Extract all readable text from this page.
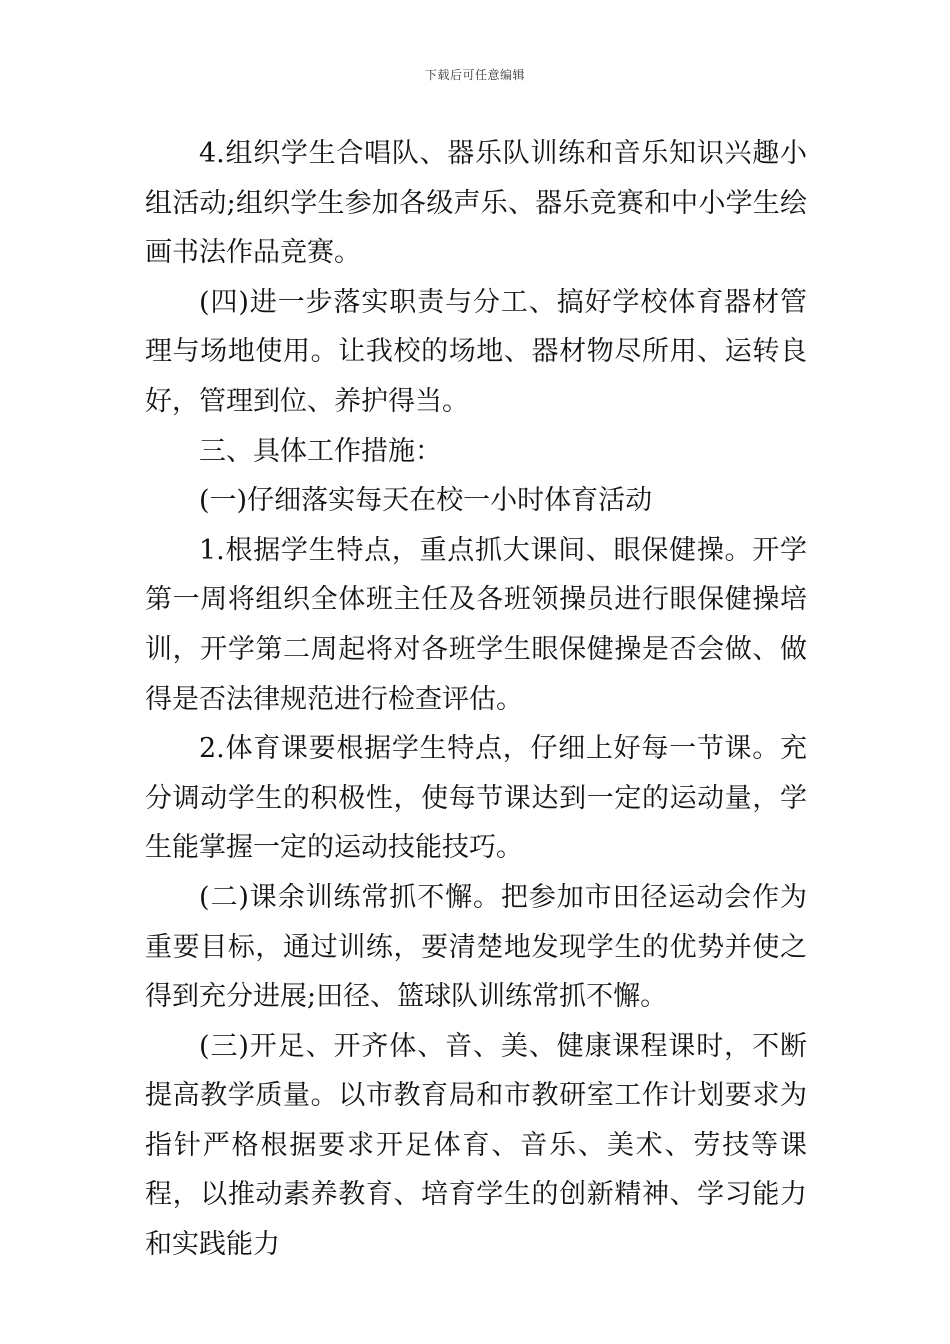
下载后可任意编辑

4.组织学生合唱队、器乐队训练和音乐知识兴趣小组活动;组织学生参加各级声乐、器乐竞赛和中小学生绘画书法作品竞赛。

(四)进一步落实职责与分工、搞好学校体育器材管理与场地使用。让我校的场地、器材物尽所用、运转良好，管理到位、养护得当。

三、具体工作措施：

(一)仔细落实每天在校一小时体育活动

1.根据学生特点，重点抓大课间、眼保健操。开学第一周将组织全体班主任及各班领操员进行眼保健操培训，开学第二周起将对各班学生眼保健操是否会做、做得是否法律规范进行检查评估。

2.体育课要根据学生特点，仔细上好每一节课。充分调动学生的积极性，使每节课达到一定的运动量，学生能掌握一定的运动技能技巧。

(二)课余训练常抓不懈。把参加市田径运动会作为重要目标，通过训练，要清楚地发现学生的优势并使之得到充分进展;田径、篮球队训练常抓不懈。

(三)开足、开齐体、音、美、健康课程课时，不断提高教学质量。以市教育局和市教研室工作计划要求为指针严格根据要求开足体育、音乐、美术、劳技等课程，以推动素养教育、培育学生的创新精神、学习能力和实践能力
